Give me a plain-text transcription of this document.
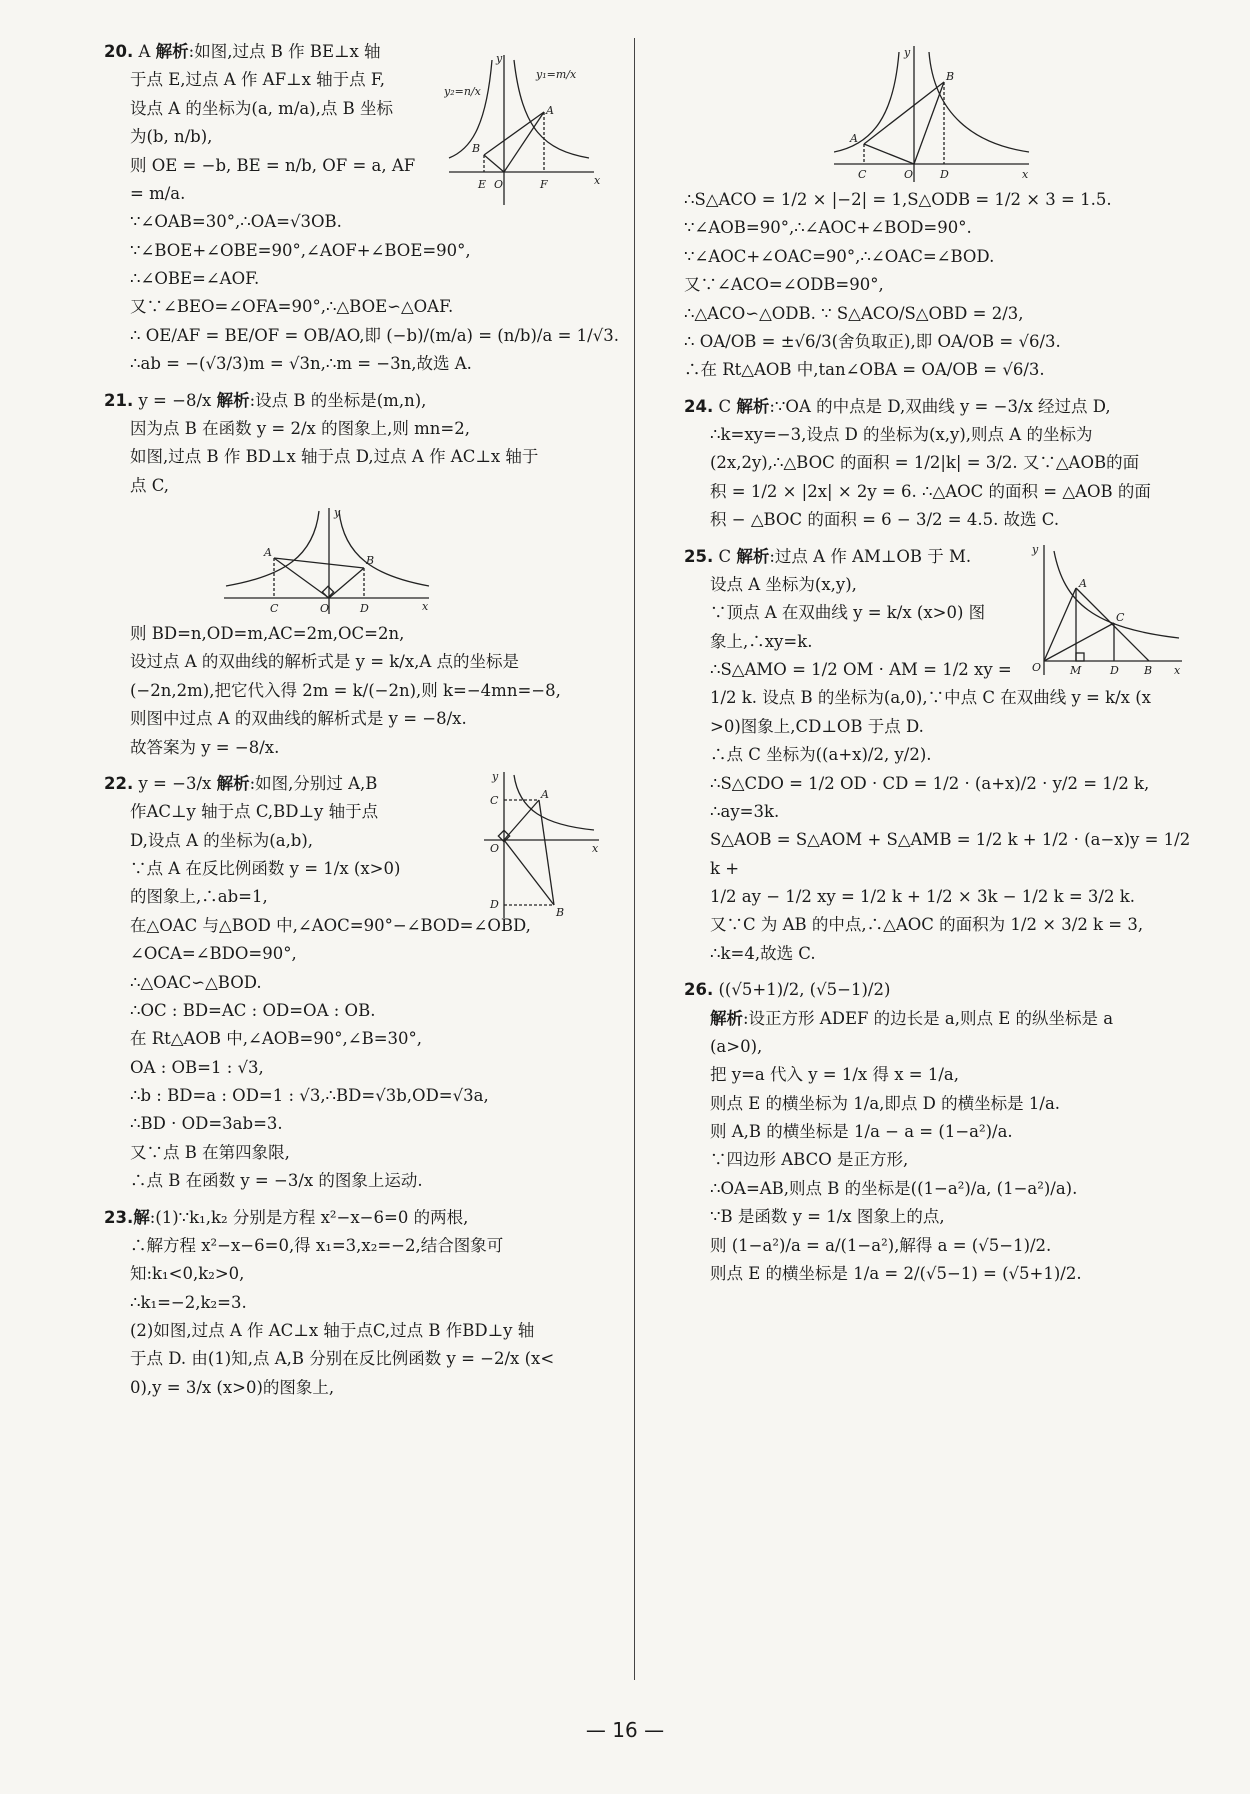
y
y₂=n/x
y₁=m/x
A
B
E O	F	x

20. A 解析:如图,过点 B 作 BE⊥x 轴

于点 E,过点 A 作 AF⊥x 轴于点 F,

设点 A 的坐标为(a, m/a),点 B 坐标

为(b, n/b),

则 OE = −b, BE = n/b, OF = a, AF

= m/a.

∵∠OAB=30°,∴OA=√3OB.

∵∠BOE+∠OBE=90°,∠AOF+∠BOE=90°,

∴∠OBE=∠AOF.

又∵∠BEO=∠OFA=90°,∴△BOE∽△OAF.

∴ OE/AF = BE/OF = OB/AO,即 (−b)/(m/a) = (n/b)/a = 1/√3.

∴ab = −(√3/3)m = √3n,∴m = −3n,故选 A.

21. y = −8/x 解析:设点 B 的坐标是(m,n),

因为点 B 在函数 y = 2/x 的图象上,则 mn=2,

如图,过点 B 作 BD⊥x 轴于点 D,过点 A 作 AC⊥x 轴于

点 C,

y
A
B
C	O	D	x

则 BD=n,OD=m,AC=2m,OC=2n,

设过点 A 的双曲线的解析式是 y = k/x,A 点的坐标是

(−2n,2m),把它代入得 2m = k/(−2n),则 k=−4mn=−8,

则图中过点 A 的双曲线的解析式是 y = −8/x.

故答案为 y = −8/x.

y
C	A
O	x
D
B

22. y = −3/x 解析:如图,分别过 A,B

作AC⊥y 轴于点 C,BD⊥y 轴于点

D,设点 A 的坐标为(a,b),

∵点 A 在反比例函数 y = 1/x (x>0)

的图象上,∴ab=1,

在△OAC 与△BOD 中,∠AOC=90°−∠BOD=∠OBD,

∠OCA=∠BDO=90°,

∴△OAC∽△BOD.

∴OC : BD=AC : OD=OA : OB.

在 Rt△AOB 中,∠AOB=90°,∠B=30°,

OA : OB=1 : √3,

∴b : BD=a : OD=1 : √3,∴BD=√3b,OD=√3a,

∴BD · OD=3ab=3.

又∵点 B 在第四象限,

∴点 B 在函数 y = −3/x 的图象上运动.

23.解:(1)∵k₁,k₂ 分别是方程 x²−x−6=0 的两根,

∴解方程 x²−x−6=0,得 x₁=3,x₂=−2,结合图象可

知:k₁<0,k₂>0,

∴k₁=−2,k₂=3.

(2)如图,过点 A 作 AC⊥x 轴于点C,过点 B 作BD⊥y 轴

于点 D. 由(1)知,点 A,B 分别在反比例函数 y = −2/x (x<

0),y = 3/x (x>0)的图象上,

y
B
A
C	O D	x

∴S△ACO = 1/2 × |−2| = 1,S△ODB = 1/2 × 3 = 1.5.

∵∠AOB=90°,∴∠AOC+∠BOD=90°.

∵∠AOC+∠OAC=90°,∴∠OAC=∠BOD.

又∵∠ACO=∠ODB=90°,

∴△ACO∽△ODB. ∵ S△ACO/S△OBD = 2/3,

∴ OA/OB = ±√6/3(舍负取正),即 OA/OB = √6/3.

∴在 Rt△AOB 中,tan∠OBA = OA/OB = √6/3.

24. C 解析:∵OA 的中点是 D,双曲线 y = −3/x 经过点 D,

∴k=xy=−3,设点 D 的坐标为(x,y),则点 A 的坐标为

(2x,2y),∴△BOC 的面积 = 1/2|k| = 3/2. 又∵△AOB的面

积 = 1/2 × |2x| × 2y = 6. ∴△AOC 的面积 = △AOB 的面

积 − △BOC 的面积 = 6 − 3/2 = 4.5. 故选 C.

y
A
C
O	M	D B x

25. C 解析:过点 A 作 AM⊥OB 于 M.

设点 A 坐标为(x,y),

∵顶点 A 在双曲线 y = k/x (x>0) 图

象上,∴xy=k.

∴S△AMO = 1/2 OM · AM = 1/2 xy =

1/2 k. 设点 B 的坐标为(a,0),∵中点 C 在双曲线 y = k/x (x

>0)图象上,CD⊥OB 于点 D.

∴点 C 坐标为((a+x)/2, y/2).

∴S△CDO = 1/2 OD · CD = 1/2 · (a+x)/2 · y/2 = 1/2 k,

∴ay=3k.

S△AOB = S△AOM + S△AMB = 1/2 k + 1/2 · (a−x)y = 1/2 k +

1/2 ay − 1/2 xy = 1/2 k + 1/2 × 3k − 1/2 k = 3/2 k.

又∵C 为 AB 的中点,∴△AOC 的面积为 1/2 × 3/2 k = 3,

∴k=4,故选 C.

26. ((√5+1)/2, (√5−1)/2)

解析:设正方形 ADEF 的边长是 a,则点 E 的纵坐标是 a

(a>0),

把 y=a 代入 y = 1/x 得 x = 1/a,

则点 E 的横坐标为 1/a,即点 D 的横坐标是 1/a.

则 A,B 的横坐标是 1/a − a = (1−a²)/a.

∵四边形 ABCO 是正方形,

∴OA=AB,则点 B 的坐标是((1−a²)/a, (1−a²)/a).

∵B 是函数 y = 1/x 图象上的点,

则 (1−a²)/a = a/(1−a²),解得 a = (√5−1)/2.

则点 E 的横坐标是 1/a = 2/(√5−1) = (√5+1)/2.

— 16 —
